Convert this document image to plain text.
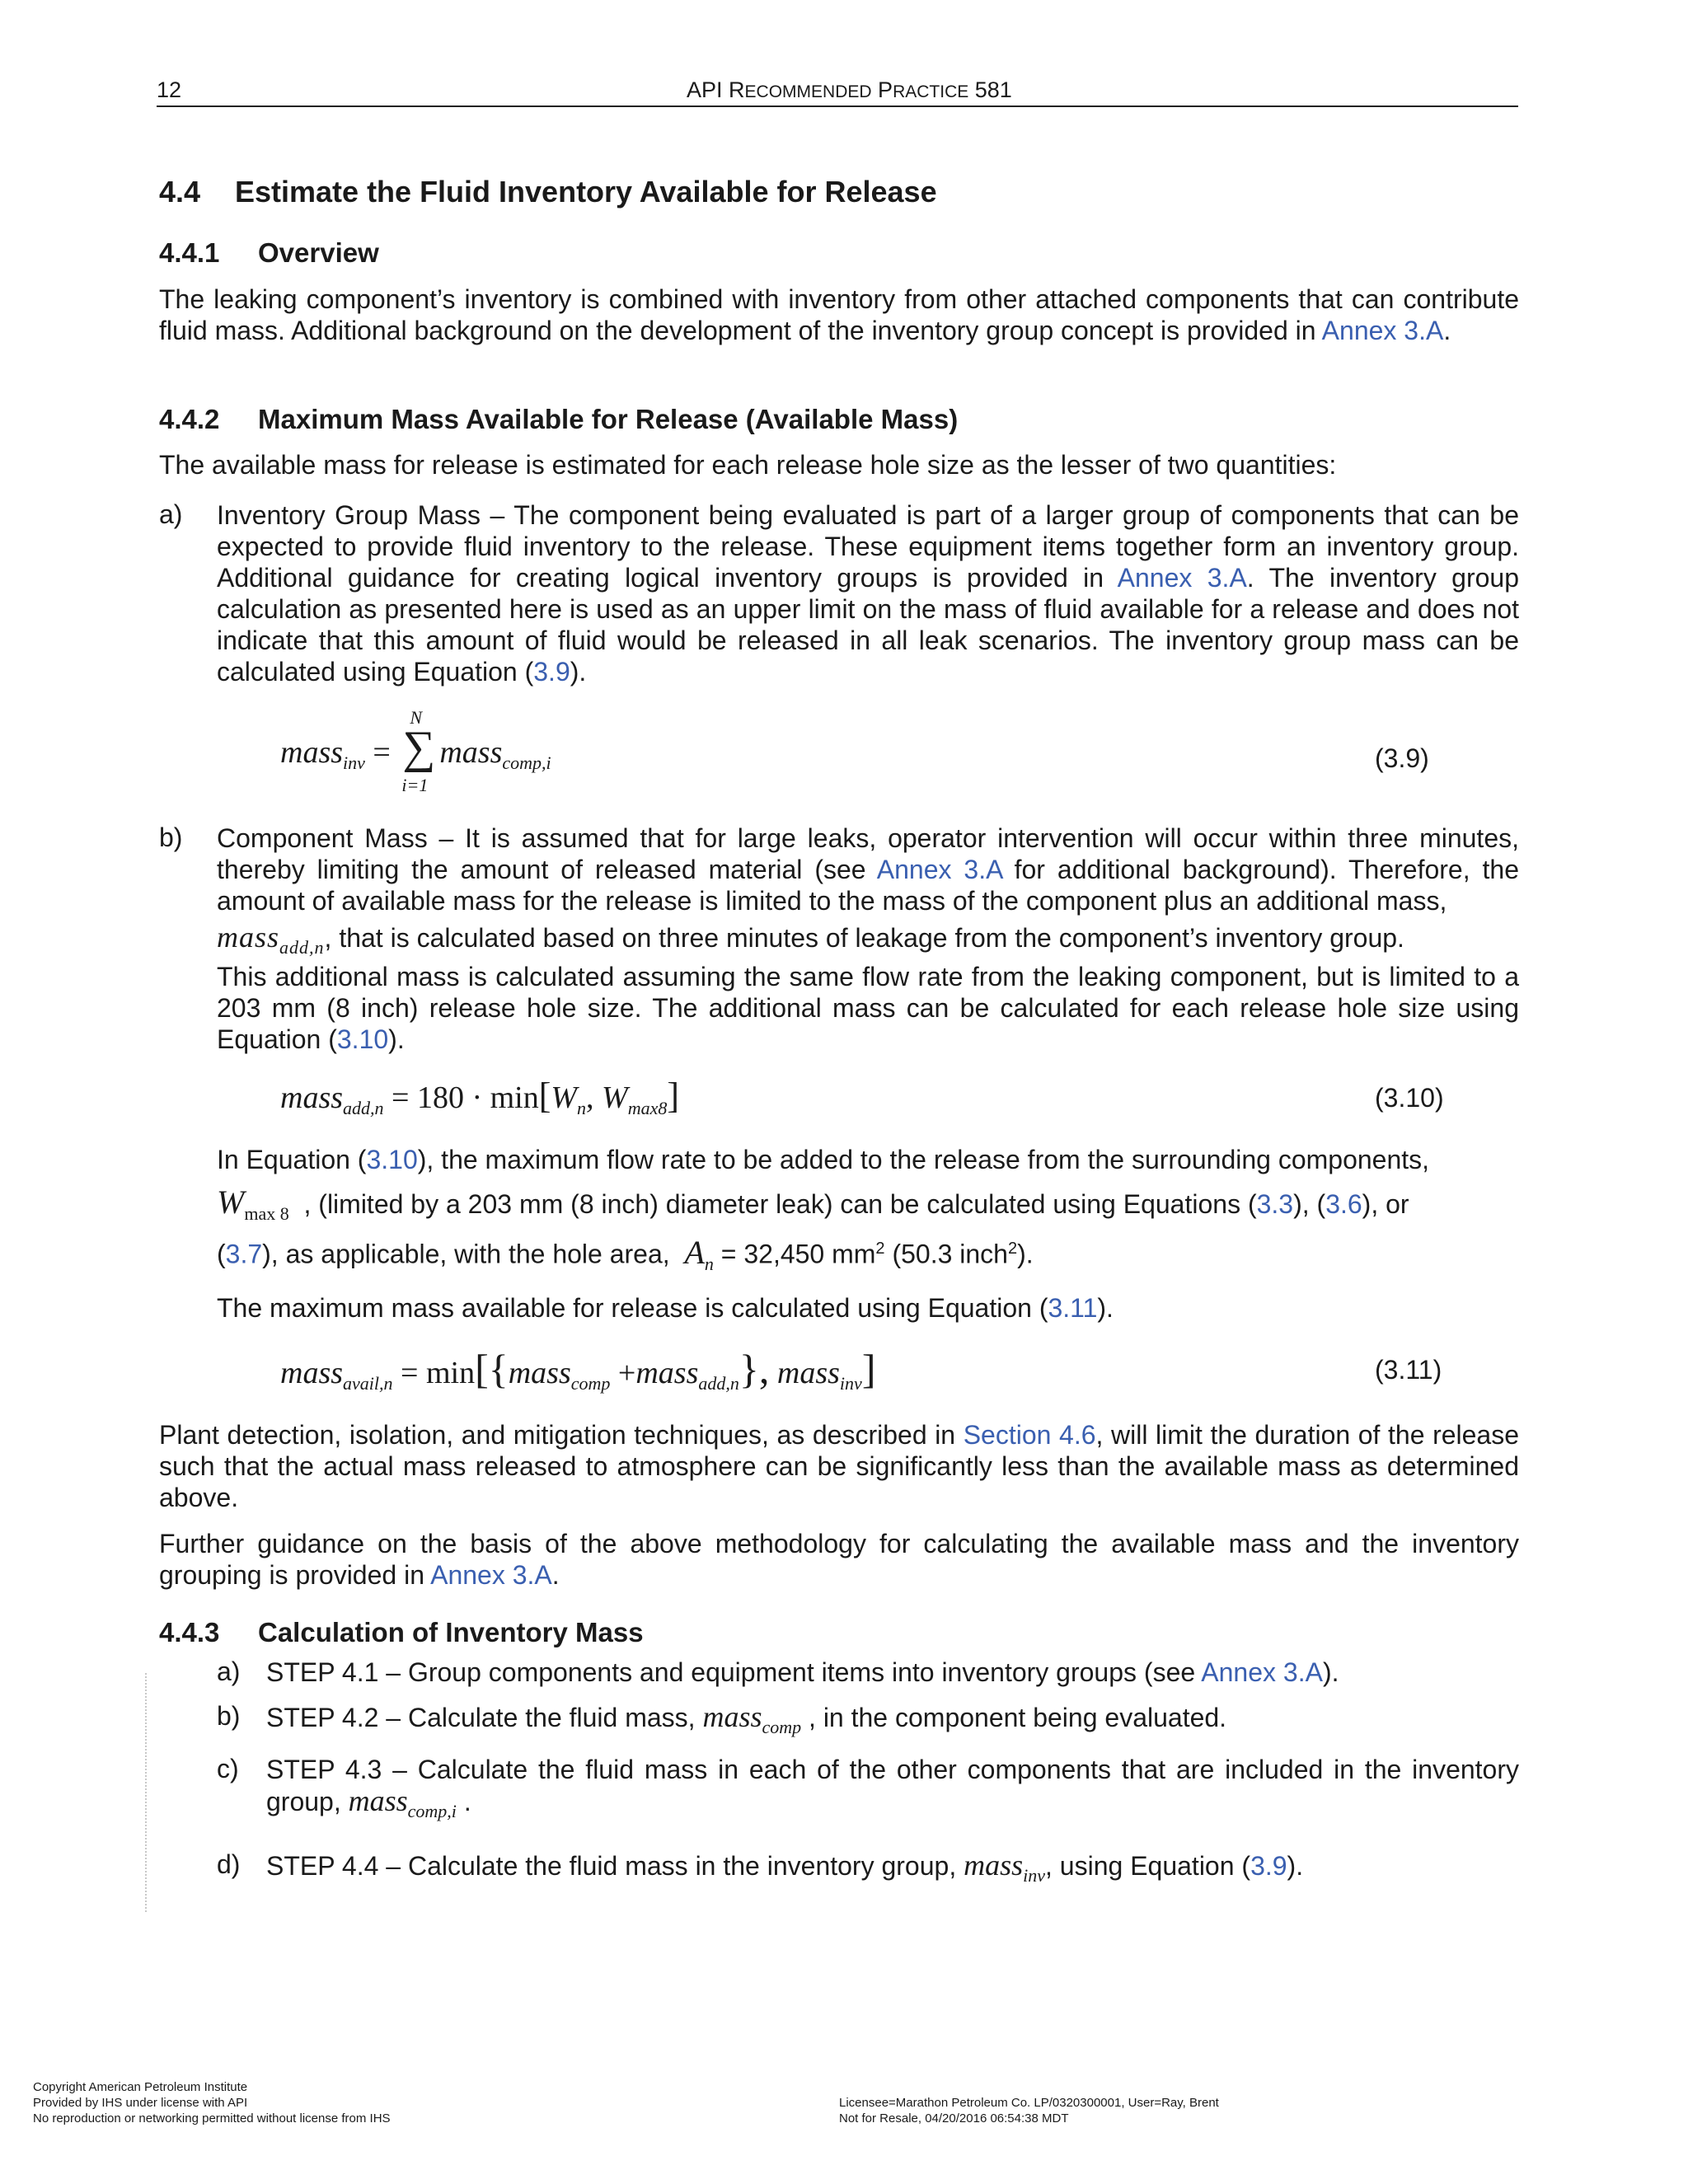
12	API RECOMMENDED PRACTICE 581
4.4 Estimate the Fluid Inventory Available for Release
4.4.1 Overview

The leaking component’s inventory is combined with inventory from other attached components that can contribute fluid mass. Additional background on the development of the inventory group concept is provided in Annex 3.A.

4.4.2 Maximum Mass Available for Release (Available Mass)

The available mass for release is estimated for each release hole size as the lesser of two quantities:

a) Inventory Group Mass – The component being evaluated is part of a larger group of components that can be expected to provide fluid inventory to the release. These equipment items together form an inventory group. Additional guidance for creating logical inventory groups is provided in Annex 3.A. The inventory group calculation as presented here is used as an upper limit on the mass of fluid available for a release and does not indicate that this amount of fluid would be released in all leak scenarios. The inventory group mass can be calculated using Equation (3.9).

mass$_{inv}$ =
N
∑
i=1
mass$_{comp,i}$	(3.9)
b) Component Mass – It is assumed that for large leaks, operator intervention will occur within three minutes, thereby limiting the amount of released material (see Annex 3.A for additional background). Therefore, the amount of available mass for the release is limited to the mass of the component plus an additional mass,

mass$_{add,n}$, that is calculated based on three minutes of leakage from the component’s inventory group.

This additional mass is calculated assuming the same flow rate from the leaking component, but is limited to a 203 mm (8 inch) release hole size. The additional mass can be calculated for each release hole size using Equation (3.10).

mass$_{add,n}$ = $180 \cdot \min[W_n$, $W_{max8}$]	(3.10)

In Equation (3.10), the maximum flow rate to be added to the release from the surrounding components,

$W_{max 8}$ , (limited by a 203 mm (8 inch) diameter leak) can be calculated using Equations (3.3), (3.6), or

(3.7), as applicable, with the hole area, $A_n = 32,450$ $mm^2$ (50.3 inch$^2$).

The maximum mass available for release is calculated using Equation (3.11).

mass$_{avail,n}$ = min[{mass$_{comp}$ +mass$_{add,n}$}, mass$_{inv}$]	(3.11)

Plant detection, isolation, and mitigation techniques, as described in Section 4.6, will limit the duration of the release such that the actual mass released to atmosphere can be significantly less than the available mass as determined above.

Further guidance on the basis of the above methodology for calculating the available mass and the inventory grouping is provided in Annex 3.A.

4.4.3 Calculation of Inventory Mass
a) STEP 4.1 – Group components and equipment items into inventory groups (see Annex 3.A).

b) STEP 4.2 – Calculate the fluid mass, mass$_{comp}$ , in the component being evaluated.

c) STEP 4.3 – Calculate the fluid mass in each of the other components that are included in the inventory group, mass$_{comp,i}$ .

d) STEP 4.4 – Calculate the fluid mass in the inventory group, mass$_{inv}$, using Equation (3.9).

Copyright American Petroleum Institute
Provided by IHS under license with API
No reproduction or networking permitted without license from IHS
Licensee=Marathon Petroleum Co. LP/0320300001, User=Ray, Brent
Not for Resale, 04/20/2016 06:54:38 MDT
